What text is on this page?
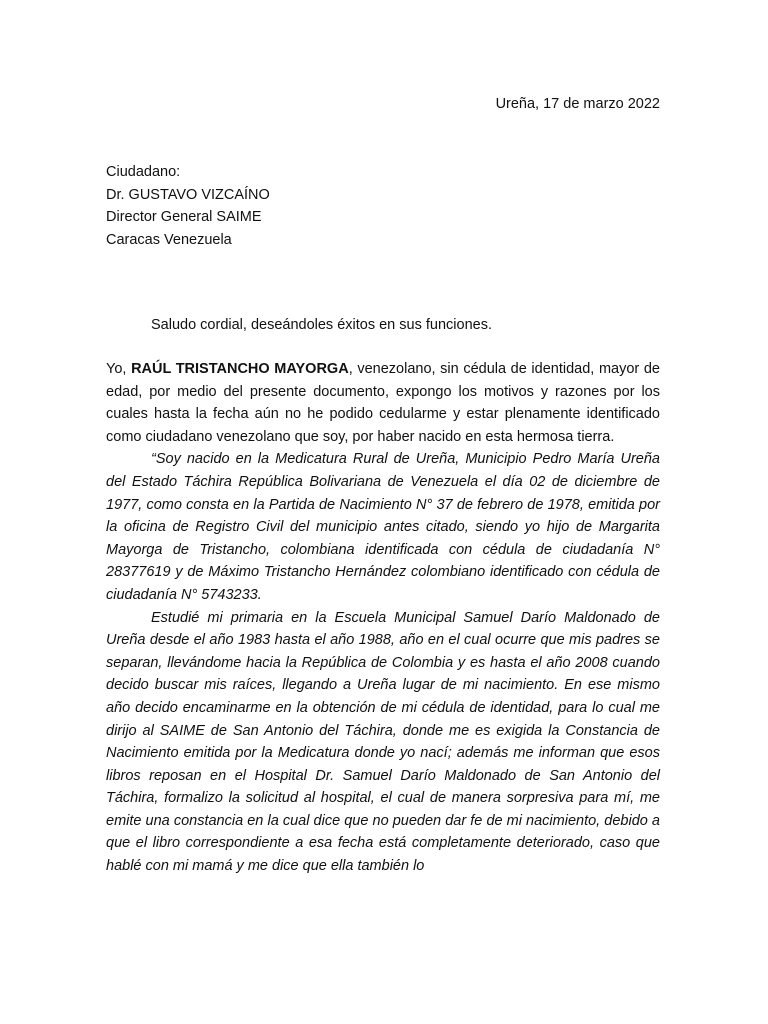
Ureña, 17 de marzo 2022
Ciudadano:
Dr. GUSTAVO VIZCAÍNO
Director General SAIME
Caracas Venezuela
Saludo cordial, deseándoles éxitos en sus funciones.

Yo, RAÚL TRISTANCHO MAYORGA, venezolano, sin cédula de identidad, mayor de edad, por medio del presente documento, expongo los motivos y razones por los cuales hasta la fecha aún no he podido cedularme y estar plenamente identificado como ciudadano venezolano que soy, por haber nacido en esta hermosa tierra.

“Soy nacido en la Medicatura Rural de Ureña, Municipio Pedro María Ureña del Estado Táchira República Bolivariana de Venezuela el día 02 de diciembre de 1977, como consta en la Partida de Nacimiento N° 37 de febrero de 1978, emitida por la oficina de Registro Civil del municipio antes citado, siendo yo hijo de Margarita Mayorga de Tristancho, colombiana identificada con cédula de ciudadanía N° 28377619 y de Máximo Tristancho Hernández colombiano identificado con cédula de ciudadanía N° 5743233.

Estudié mi primaria en la Escuela Municipal Samuel Darío Maldonado de Ureña desde el año 1983 hasta el año 1988, año en el cual ocurre que mis padres se separan, llevándome hacia la República de Colombia y es hasta el año 2008 cuando decido buscar mis raíces, llegando a Ureña lugar de mi nacimiento. En ese mismo año decido encaminarme en la obtención de mi cédula de identidad, para lo cual me dirijo al SAIME de San Antonio del Táchira, donde me es exigida la Constancia de Nacimiento emitida por la Medicatura donde yo nací; además me informan que esos libros reposan en el Hospital Dr. Samuel Darío Maldonado de San Antonio del Táchira, formalizo la solicitud al hospital, el cual de manera sorpresiva para mí, me emite una constancia en la cual dice que no pueden dar fe de mi nacimiento, debido a que el libro correspondiente a esa fecha está completamente deteriorado, caso que hablé con mi mamá y me dice que ella también lo
